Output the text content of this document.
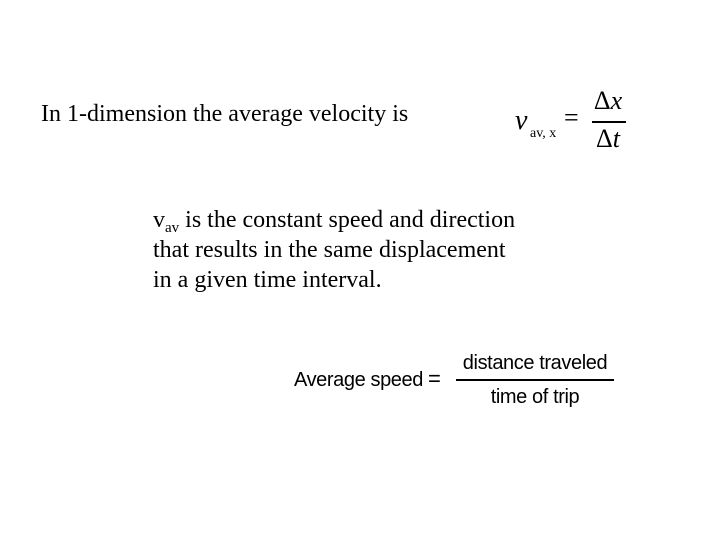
In 1-dimension the average velocity is	v av, x
=
Δx
Δt
$v_{av}$ is the constant speed and direction
that results in the same displacement
in a given time interval.
Average speed =
distance traveled
time of trip
